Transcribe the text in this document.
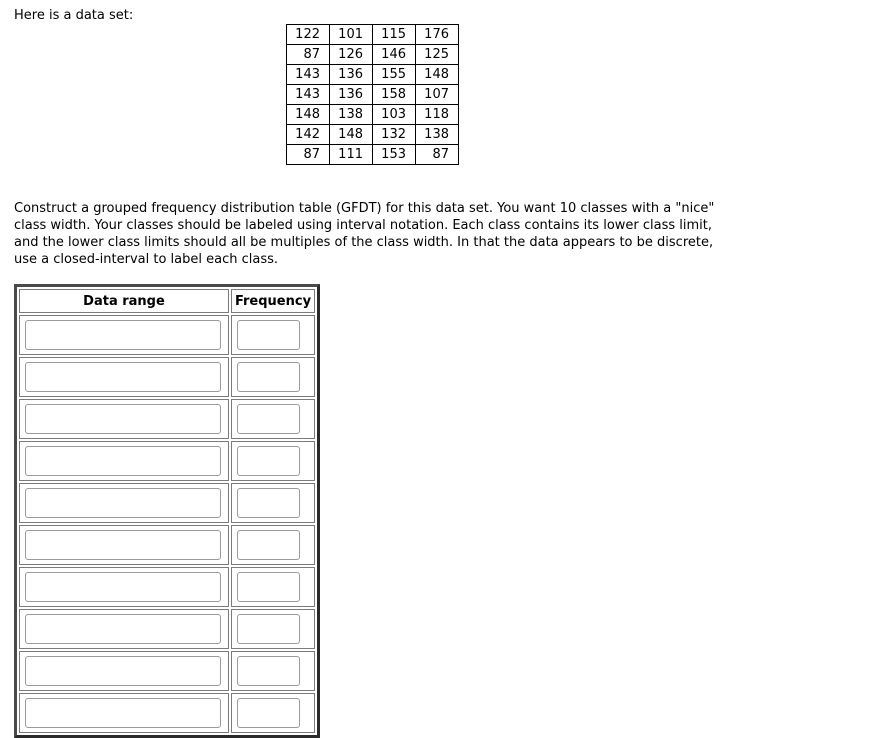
Here is a data set:

122	101	115	176
87	126	146	125
143	136	155	148
143	136	158	107
148	138	103	118
142	148	132	138
87	111	153	87

Construct a grouped frequency distribution table (GFDT) for this data set. You want 10 classes with a "nice" class width. Your classes should be labeled using interval notation. Each class contains its lower class limit, and the lower class limits should all be multiples of the class width. In that the data appears to be discrete, use a closed-interval to label each class.

Data range	Frequency
